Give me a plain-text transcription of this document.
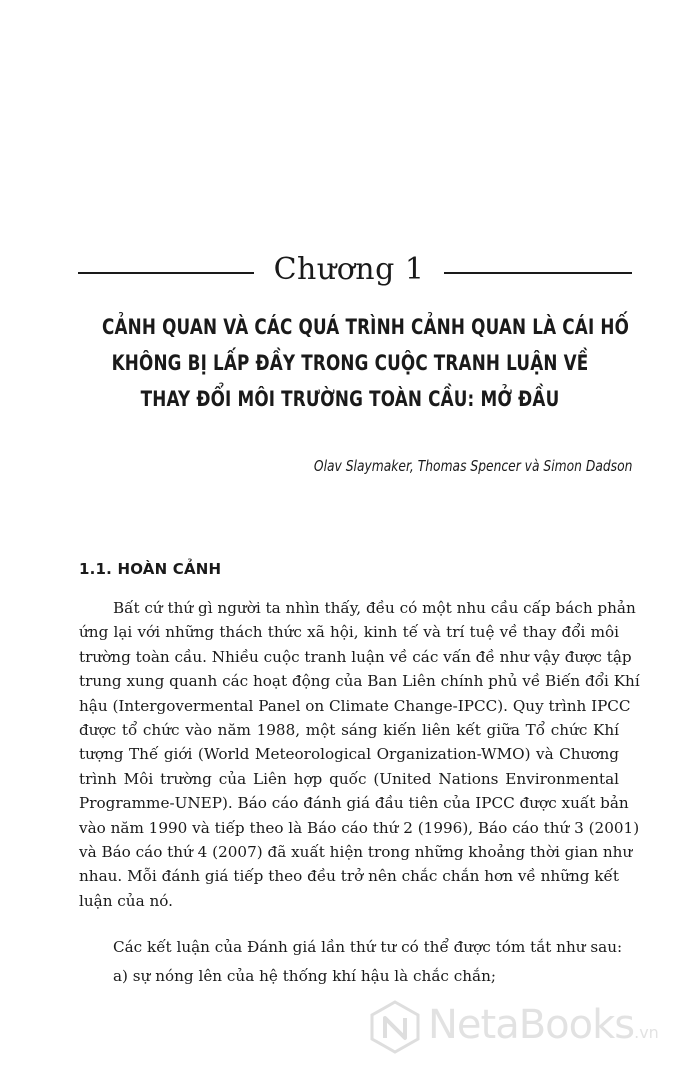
Chương 1
CẢNH QUAN VÀ CÁC QUÁ TRÌNH CẢNH QUAN LÀ CÁI HỐ
KHÔNG BỊ LẤP ĐẦY TRONG CUỘC TRANH LUẬN VỀ
THAY ĐỔI MÔI TRƯỜNG TOÀN CẦU: MỞ ĐẦU
Olav Slaymaker, Thomas Spencer và Simon Dadson
1.1. HOÀN CẢNH
Bất cứ thứ gì người ta nhìn thấy, đều có một nhu cầu cấp bách phản
ứng lại với những thách thức xã hội, kinh tế và trí tuệ về thay đổi môi
trường toàn cầu. Nhiều cuộc tranh luận về các vấn đề như vậy được tập
trung xung quanh các hoạt động của Ban Liên chính phủ về Biến đổi Khí
hậu (Intergovermental Panel on Climate Change-IPCC). Quy trình IPCC
được tổ chức vào năm 1988, một sáng kiến liên kết giữa Tổ chức Khí
tượng Thế giới (World Meteorological Organization-WMO) và Chương
trình Môi trường của Liên hợp quốc (United Nations Environmental
Programme-UNEP). Báo cáo đánh giá đầu tiên của IPCC được xuất bản
vào năm 1990 và tiếp theo là Báo cáo thứ 2 (1996), Báo cáo thứ 3 (2001)
và Báo cáo thứ 4 (2007) đã xuất hiện trong những khoảng thời gian như
nhau. Mỗi đánh giá tiếp theo đều trở nên chắc chắn hơn về những kết
luận của nó.
Các kết luận của Đánh giá lần thứ tư có thể được tóm tắt như sau:
a) sự nóng lên của hệ thống khí hậu là chắc chắn;
NetaBooks.vn
